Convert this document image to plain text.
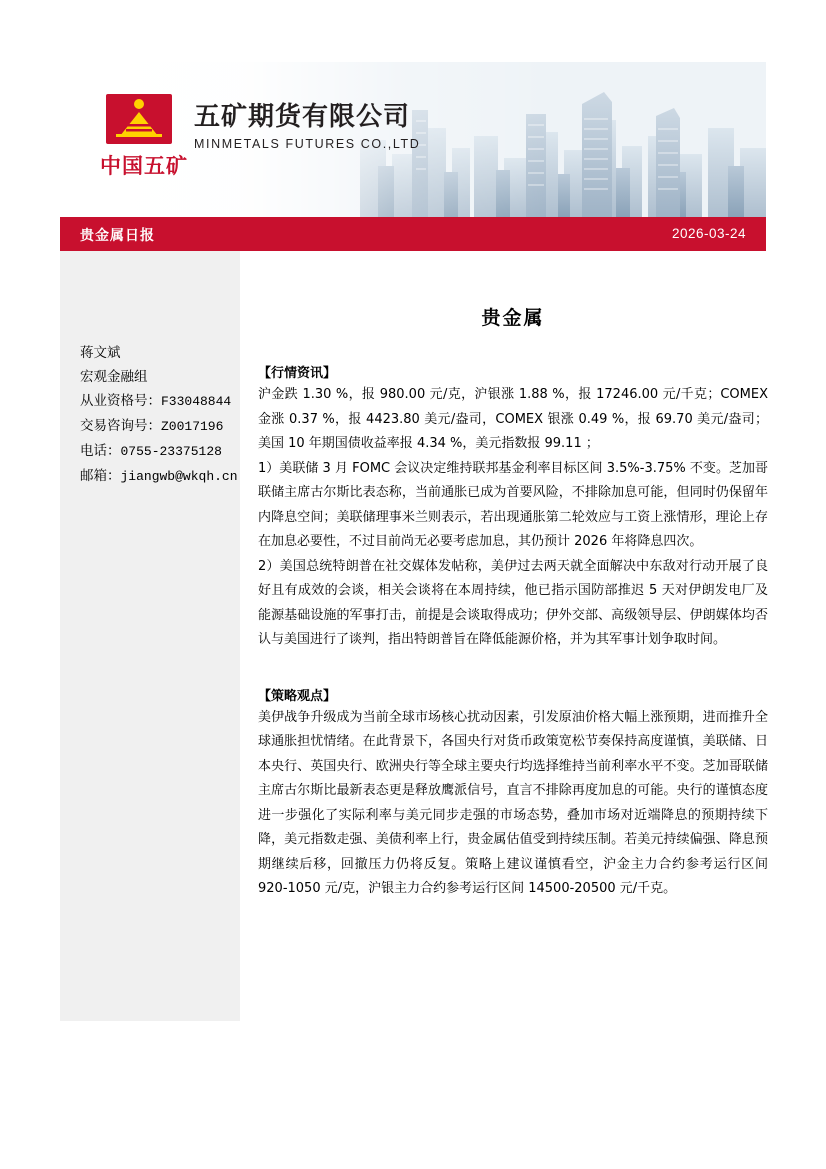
中国五矿
五矿期货有限公司
MINMETALS FUTURES CO.,LTD
贵金属日报	2026-03-24
蒋文斌
宏观金融组
从业资格号：F33048844
交易咨询号：Z0017196
电话：0755-23375128
邮箱：jiangwb@wkqh.cn
贵金属
【行情资讯】

沪金跌 1.30 %，报 980.00 元/克，沪银涨 1.88 %，报 17246.00 元/千克；COMEX 金涨 0.37 %，报 4423.80 美元/盎司，COMEX 银涨 0.49 %，报 69.70 美元/盎司； 美国 10 年期国债收益率报 4.34 %，美元指数报 99.11 ；

1）美联储 3 月 FOMC 会议决定维持联邦基金利率目标区间 3.5%‐3.75% 不变。芝加哥联储主席古尔斯比表态称，当前通胀已成为首要风险，不排除加息可能，但同时仍保留年内降息空间；美联储理事米兰则表示，若出现通胀第二轮效应与工资上涨情形，理论上存在加息必要性，不过目前尚无必要考虑加息，其仍预计 2026 年将降息四次。

2）美国总统特朗普在社交媒体发帖称，美伊过去两天就全面解决中东敌对行动开展了良好且有成效的会谈，相关会谈将在本周持续，他已指示国防部推迟 5 天对伊朗发电厂及能源基础设施的军事打击，前提是会谈取得成功；伊外交部、高级领导层、伊朗媒体均否认与美国进行了谈判，指出特朗普旨在降低能源价格，并为其军事计划争取时间。

【策略观点】

美伊战争升级成为当前全球市场核心扰动因素，引发原油价格大幅上涨预期，进而推升全球通胀担忧情绪。在此背景下，各国央行对货币政策宽松节奏保持高度谨慎，美联储、日本央行、英国央行、欧洲央行等全球主要央行均选择维持当前利率水平不变。芝加哥联储主席古尔斯比最新表态更是释放鹰派信号，直言不排除再度加息的可能。央行的谨慎态度进一步强化了实际利率与美元同步走强的市场态势，叠加市场对近端降息的预期持续下降，美元指数走强、美债利率上行，贵金属估值受到持续压制。若美元持续偏强、降息预期继续后移，回撤压力仍将反复。策略上建议谨慎看空，沪金主力合约参考运行区间 920‐1050 元/克，沪银主力合约参考运行区间 14500‐20500 元/千克。
